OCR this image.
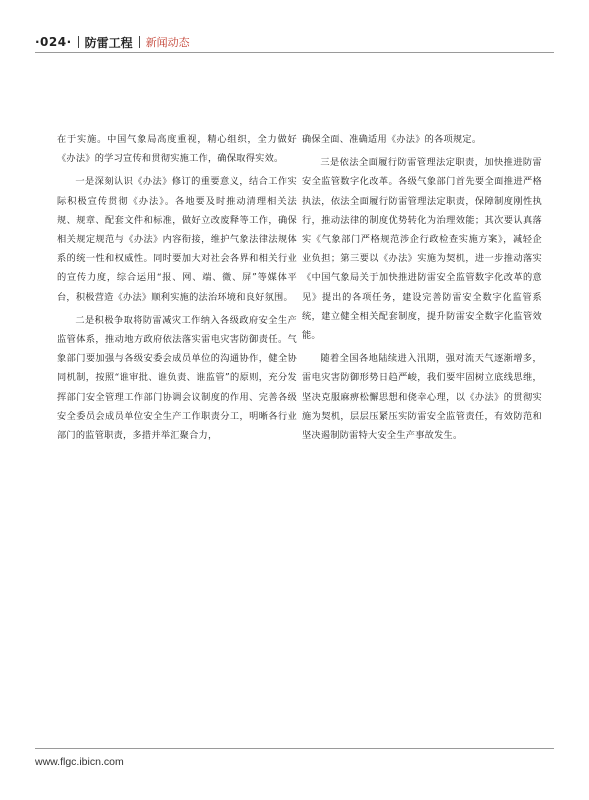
·024· 防雷工程 新闻动态

在于实施。中国气象局高度重视，精心组织，全力做好《办法》的学习宣传和贯彻实施工作，确保取得实效。

一是深刻认识《办法》修订的重要意义，结合工作实际积极宣传贯彻《办法》。各地要及时推动清理相关法规、规章、配套文件和标准，做好立改废释等工作，确保相关规定规范与《办法》内容衔接，维护气象法律法规体系的统一性和权威性。同时要加大对社会各界和相关行业的宣传力度，综合运用“报、网、端、微、屏”等媒体平台，积极营造《办法》顺利实施的法治环境和良好氛围。

二是积极争取将防雷减灾工作纳入各级政府安全生产监管体系，推动地方政府依法落实雷电灾害防御责任。气象部门要加强与各级安委会成员单位的沟通协作，健全协同机制，按照“谁审批、谁负责、谁监管”的原则，充分发挥部门安全管理工作部门协调会议制度的作用、完善各级安全委员会成员单位安全生产工作职责分工，明晰各行业部门的监管职责，多措并举汇聚合力，

确保全面、准确适用《办法》的各项规定。

三是依法全面履行防雷管理法定职责，加快推进防雷安全监管数字化改革。各级气象部门首先要全面推进严格执法，依法全面履行防雷管理法定职责，保障制度刚性执行，推动法律的制度优势转化为治理效能；其次要认真落实《气象部门严格规范涉企行政检查实施方案》，减轻企业负担；第三要以《办法》实施为契机，进一步推动落实《中国气象局关于加快推进防雷安全监管数字化改革的意见》提出的各项任务，建设完善防雷安全数字化监管系统，建立健全相关配套制度，提升防雷安全数字化监管效能。

随着全国各地陆续进入汛期，强对流天气逐渐增多，雷电灾害防御形势日趋严峻，我们要牢固树立底线思维，坚决克服麻痹松懈思想和侥幸心理，以《办法》的贯彻实施为契机，层层压紧压实防雷安全监管责任，有效防范和坚决遏制防雷特大安全生产事故发生。

www.flgc.ibicn.com
